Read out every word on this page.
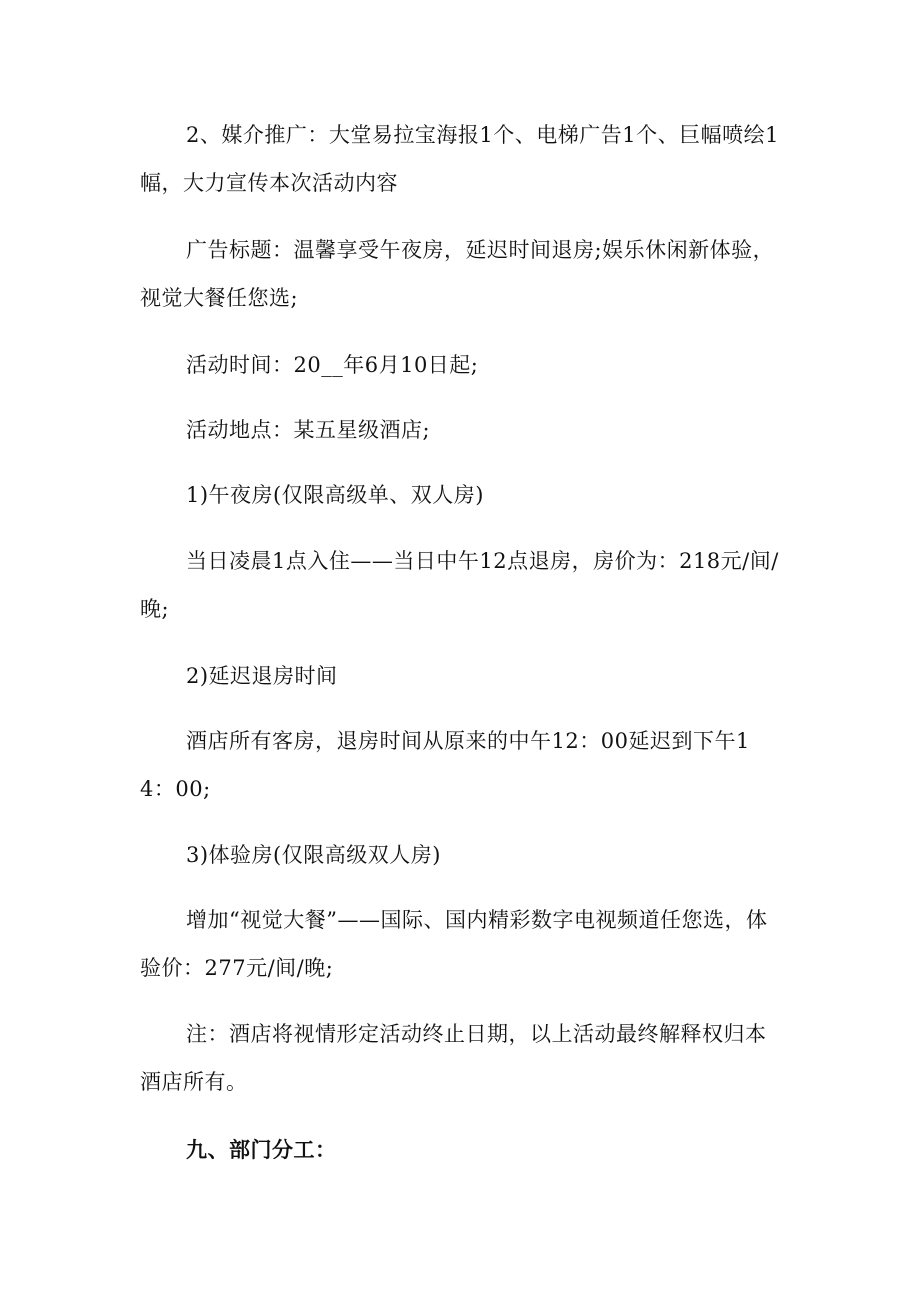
2、媒介推广：大堂易拉宝海报1个、电梯广告1个、巨幅喷绘1幅，大力宣传本次活动内容

广告标题：温馨享受午夜房，延迟时间退房;娱乐休闲新体验，视觉大餐任您选;

活动时间：20__年6月10日起;

活动地点：某五星级酒店;

1)午夜房(仅限高级单、双人房)

当日凌晨1点入住——当日中午12点退房，房价为：218元/间/晚;

2)延迟退房时间

酒店所有客房，退房时间从原来的中午12：00延迟到下午14：00;

3)体验房(仅限高级双人房)

增加“视觉大餐”——国际、国内精彩数字电视频道任您选，体验价：277元/间/晚;

注：酒店将视情形定活动终止日期，以上活动最终解释权归本酒店所有。

九、部门分工：
